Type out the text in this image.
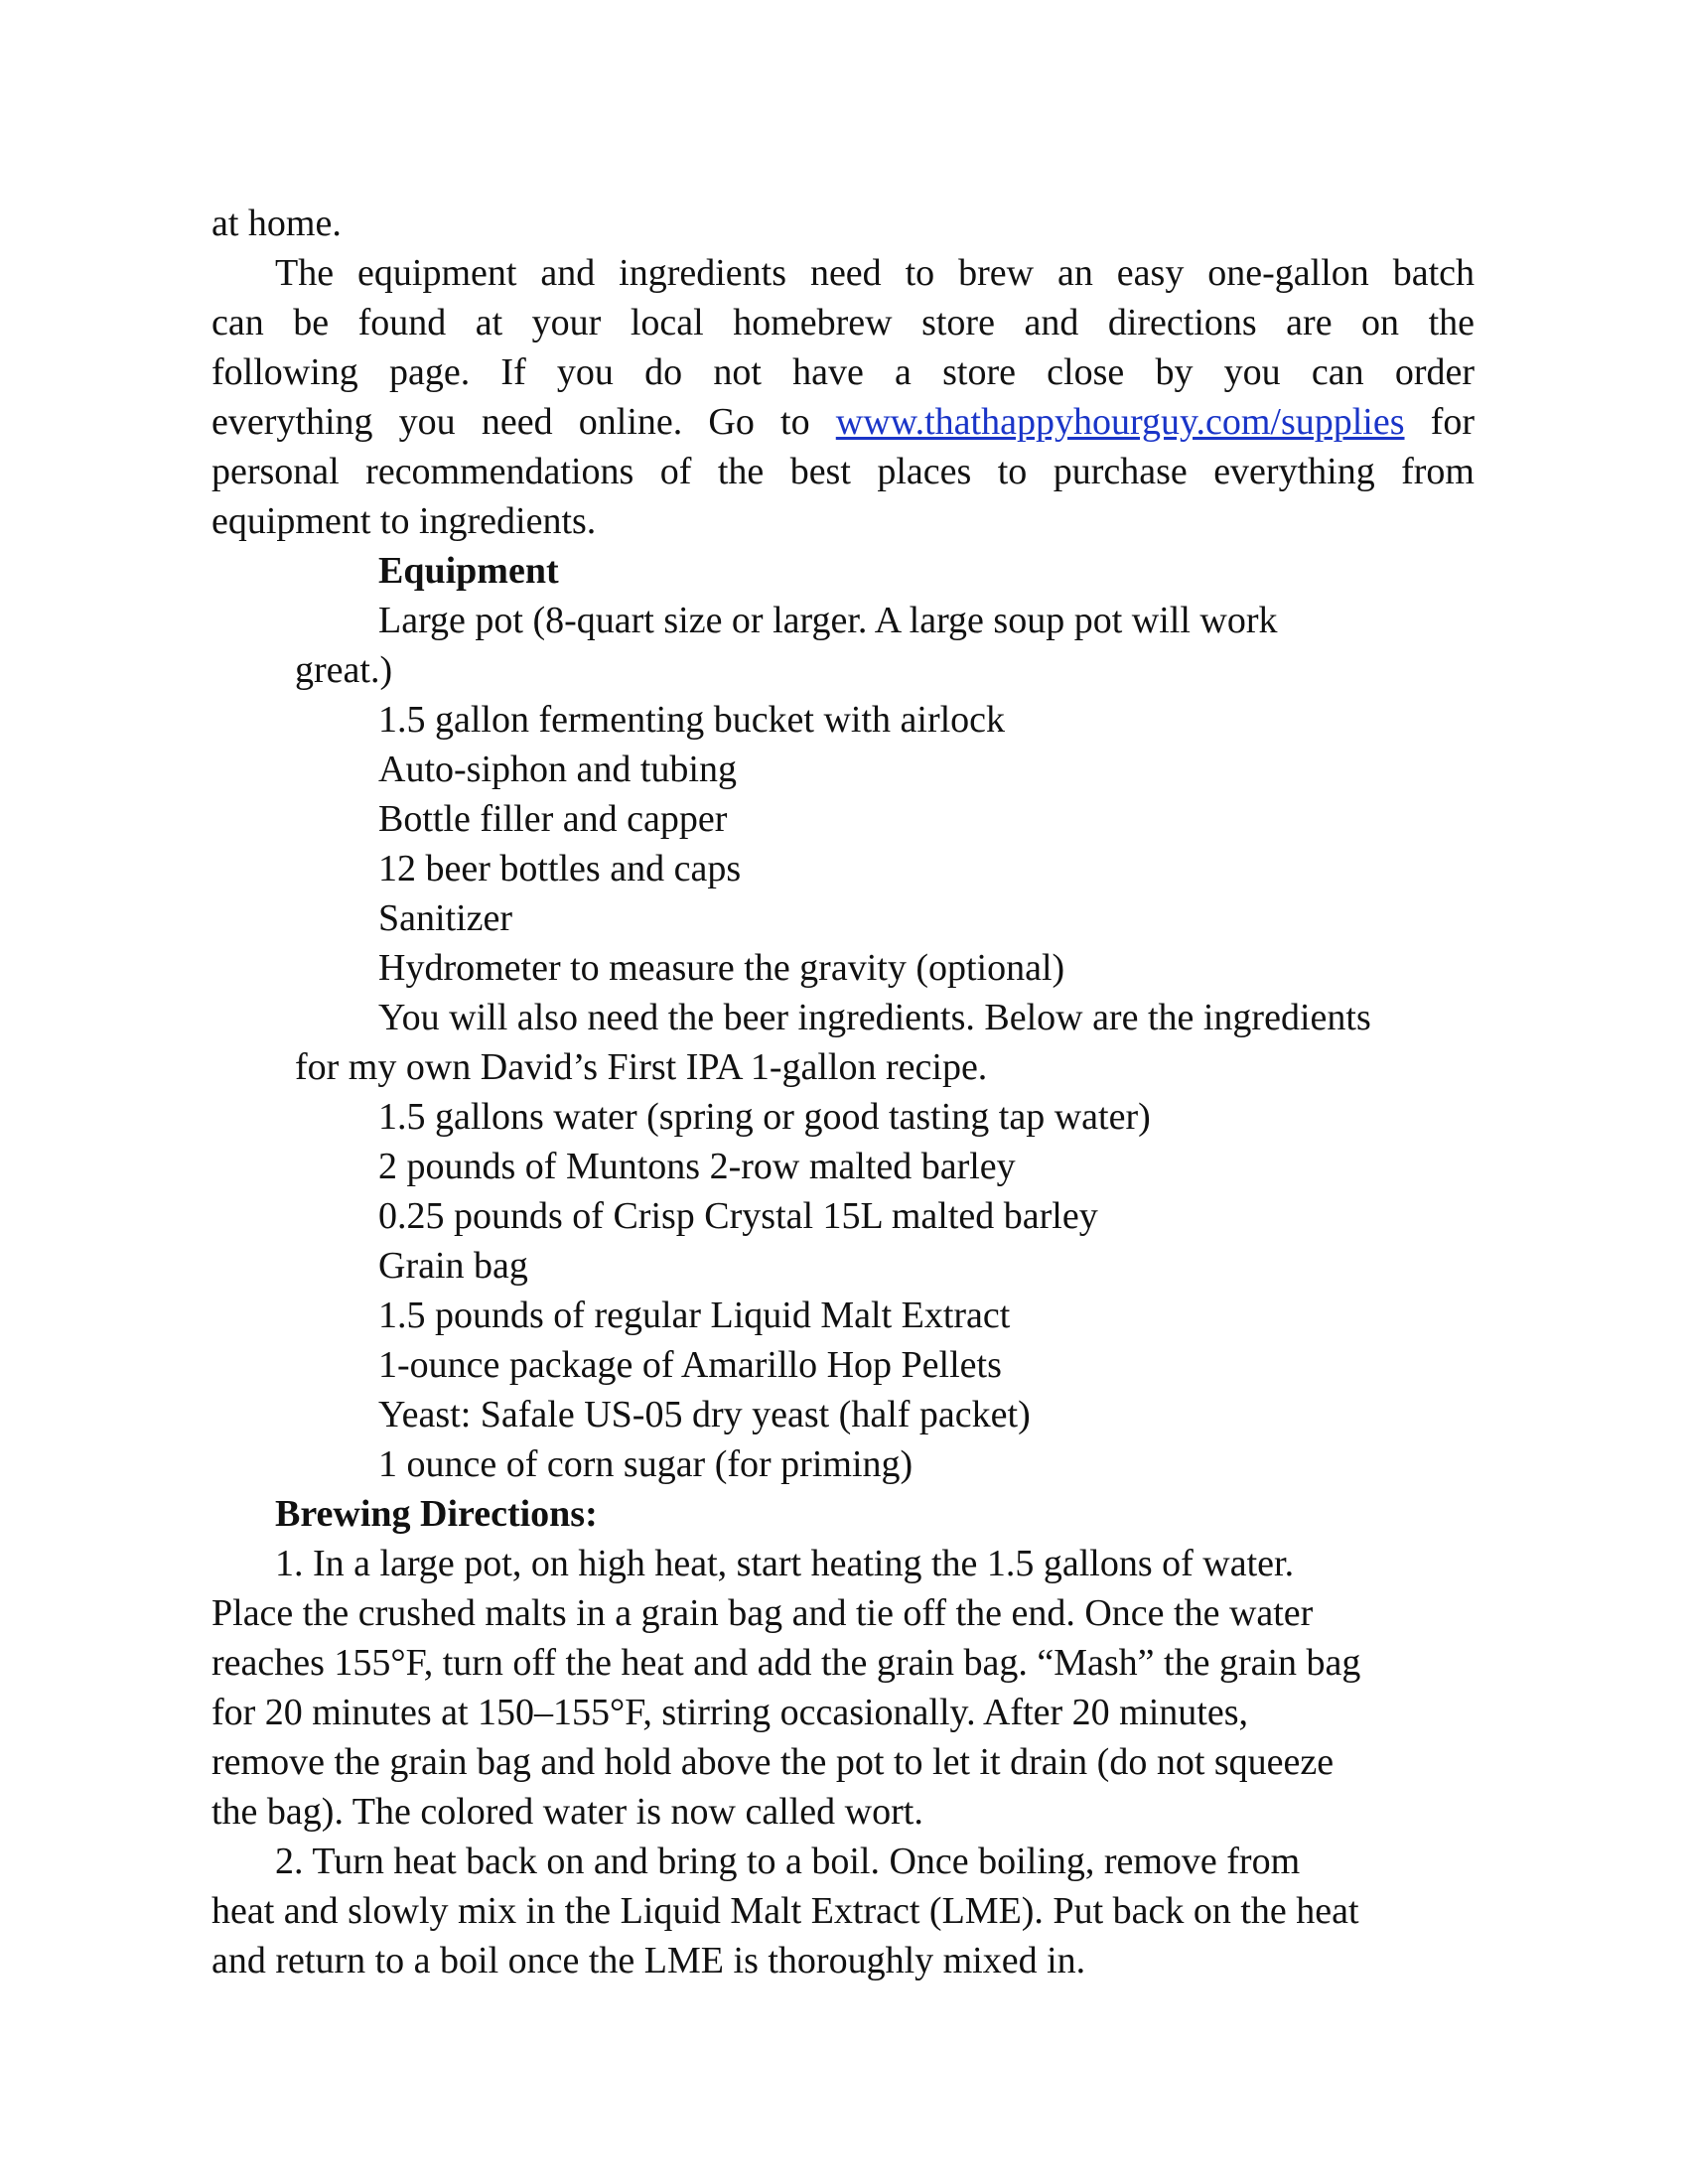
at home.
The equipment and ingredients need to brew an easy one-gallon batch
can be found at your local homebrew store and directions are on the
following page. If you do not have a store close by you can order
everything you need online. Go to www.thathappyhourguy.com/supplies for
personal recommendations of the best places to purchase everything from
equipment to ingredients.
Equipment
Large pot (8-quart size or larger. A large soup pot will work
great.)
1.5 gallon fermenting bucket with airlock
Auto-siphon and tubing
Bottle filler and capper
12 beer bottles and caps
Sanitizer
Hydrometer to measure the gravity (optional)
You will also need the beer ingredients. Below are the ingredients
for my own David’s First IPA 1-gallon recipe.
1.5 gallons water (spring or good tasting tap water)
2 pounds of Muntons 2-row malted barley
0.25 pounds of Crisp Crystal 15L malted barley
Grain bag
1.5 pounds of regular Liquid Malt Extract
1-ounce package of Amarillo Hop Pellets
Yeast: Safale US-05 dry yeast (half packet)
1 ounce of corn sugar (for priming)
Brewing Directions:
1. In a large pot, on high heat, start heating the 1.5 gallons of water.
Place the crushed malts in a grain bag and tie off the end. Once the water
reaches 155°F, turn off the heat and add the grain bag. “Mash” the grain bag
for 20 minutes at 150–155°F, stirring occasionally. After 20 minutes,
remove the grain bag and hold above the pot to let it drain (do not squeeze
the bag). The colored water is now called wort.
2. Turn heat back on and bring to a boil. Once boiling, remove from
heat and slowly mix in the Liquid Malt Extract (LME). Put back on the heat
and return to a boil once the LME is thoroughly mixed in.
